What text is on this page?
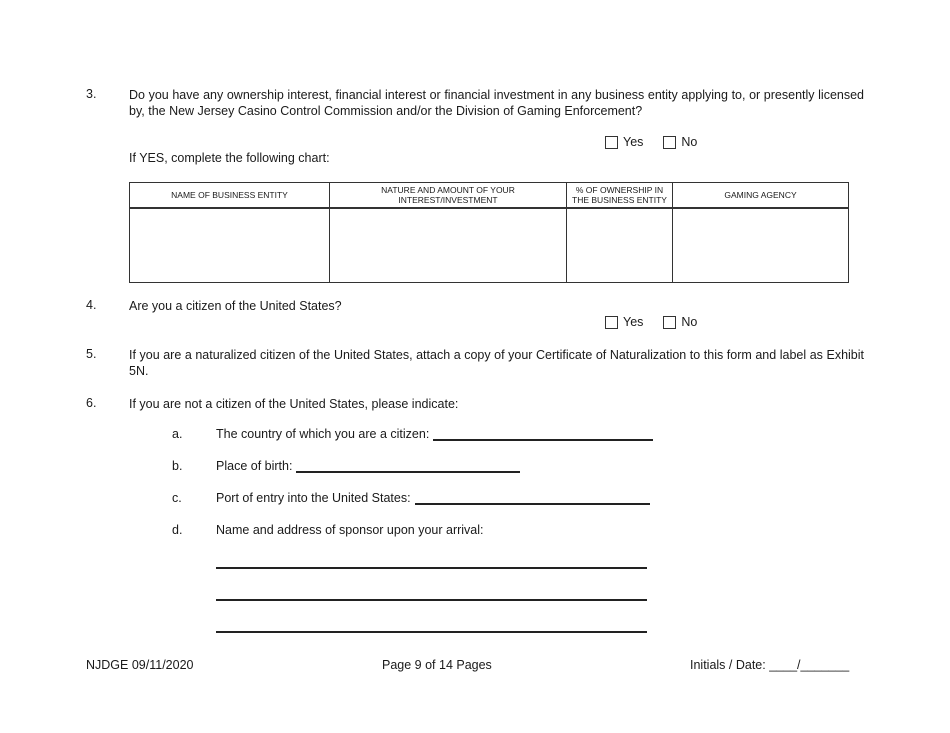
3.	Do you have any ownership interest, financial interest or financial investment in any business entity applying to, or presently licensed by, the New Jersey Casino Control Commission and/or the Division of Gaming Enforcement?
Yes	No
If YES, complete the following chart:
NAME OF BUSINESS ENTITY	NATURE AND AMOUNT OF YOUR INTEREST/INVESTMENT	% OF OWNERSHIP IN THE BUSINESS ENTITY	GAMING AGENCY

4.	Are you a citizen of the United States?
Yes	No
5.	If you are a naturalized citizen of the United States, attach a copy of your Certificate of Naturalization to this form and label as Exhibit 5N.
6.	If you are not a citizen of the United States, please indicate:
a.	The country of which you are a citizen:
b.	Place of birth:
c.	Port of entry into the United States:
d.	Name and address of sponsor upon your arrival:
NJDGE 09/11/2020	Page 9 of 14 Pages	Initials / Date: ____/_______
